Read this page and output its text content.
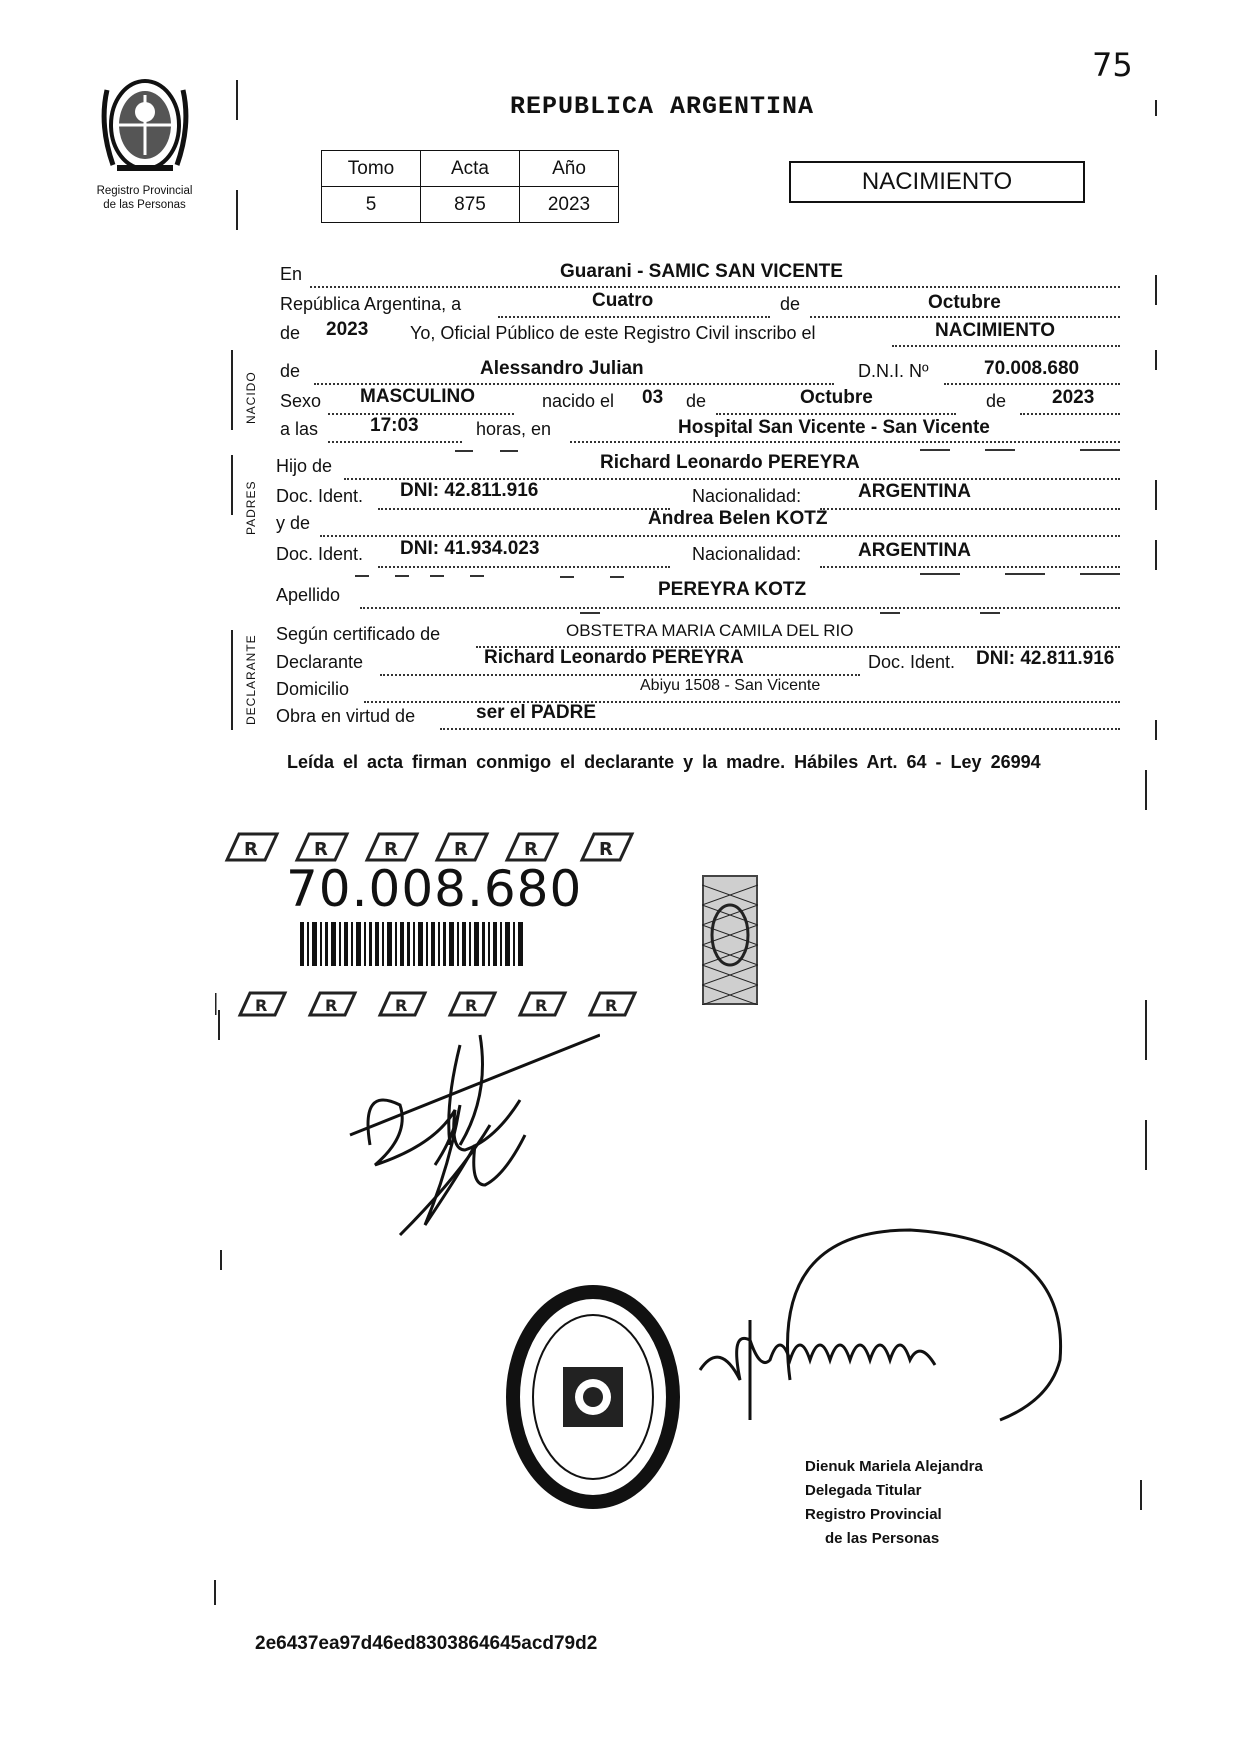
75
REPUBLICA ARGENTINA
Registro Provincial
de las Personas
Tomo	Acta	Año
5	875	2023
NACIMIENTO
NACIDO
PADRES
DECLARANTE
En	Guarani - SAMIC SAN VICENTE
República Argentina, a	Cuatro	de	Octubre
de 2023 Yo, Oficial Público de este Registro Civil inscribo el	NACIMIENTO
de	Alessandro Julian	D.N.I. Nº	70.008.680
Sexo MASCULINO	nacido el 03 de	Octubre	de 2023
a las	17:03	horas, en	Hospital San Vicente - San Vicente
Hijo de	Richard Leonardo PEREYRA
Doc. Ident. DNI: 42.811.916	Nacionalidad:	ARGENTINA
y de	Andrea Belen KOTZ
Doc. Ident. DNI: 41.934.023	Nacionalidad:	ARGENTINA
Apellido	PEREYRA KOTZ
Según certificado de	OBSTETRA MARIA CAMILA DEL RIO
Declarante	Richard Leonardo PEREYRA	Doc. Ident. DNI: 42.811.916
Domicilio	Abiyu 1508 - San Vicente
Obra en virtud de	ser el PADRE
Leída el acta firman conmigo el declarante y la madre. Hábiles Art. 64 - Ley 26994
R	R	R	R	R	R
70.008.680
R	R	R	R	R	R
Dienuk Mariela Alejandra
Delegada Titular
Registro Provincial
de las Personas
2e6437ea97d46ed8303864645acd79d2
